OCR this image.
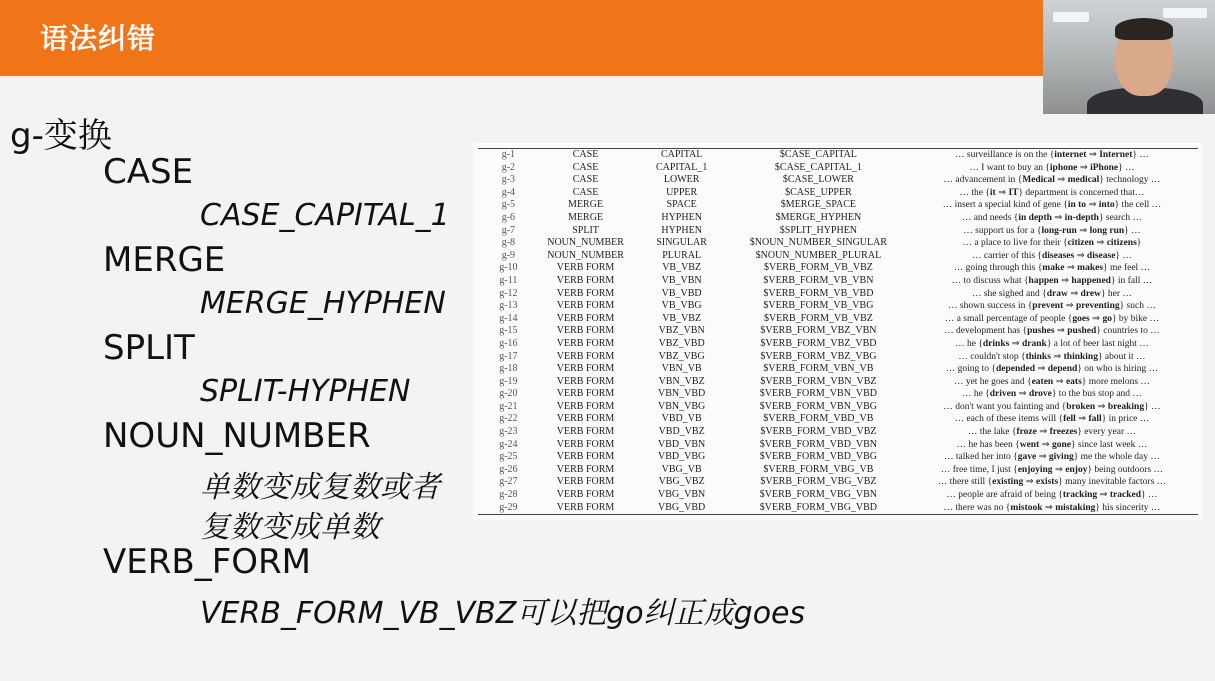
语法纠错
g-变换
CASE
CASE_CAPITAL_1
MERGE
MERGE_HYPHEN
SPLIT
SPLIT-HYPHEN
NOUN_NUMBER
单数变成复数或者
复数变成单数
VERB_FORM
VERB_FORM_VB_VBZ可以把go纠正成goes
g-1	CASE	CAPITAL	$CASE_CAPITAL	… surveillance is on the {internet ⇒ Internet} …
g-2	CASE	CAPITAL_1	$CASE_CAPITAL_1	… I want to buy an {iphone ⇒ iPhone} …
g-3	CASE	LOWER	$CASE_LOWER	… advancement in {Medical ⇒ medical} technology …
g-4	CASE	UPPER	$CASE_UPPER	… the {it ⇒ IT} department is concerned that…
g-5	MERGE	SPACE	$MERGE_SPACE	… insert a special kind of gene {in to ⇒ into} the cell …
g-6	MERGE	HYPHEN	$MERGE_HYPHEN	… and needs {in depth ⇒ in-depth} search …
g-7	SPLIT	HYPHEN	$SPLIT_HYPHEN	… support us for a {long-run ⇒ long run} …
g-8	NOUN_NUMBER	SINGULAR	$NOUN_NUMBER_SINGULAR	… a place to live for their {citizen ⇒ citizens}
g-9	NOUN_NUMBER	PLURAL	$NOUN_NUMBER_PLURAL	… carrier of this {diseases ⇒ disease} …
g-10	VERB FORM	VB_VBZ	$VERB_FORM_VB_VBZ	… going through this {make ⇒ makes} me feel …
g-11	VERB FORM	VB_VBN	$VERB_FORM_VB_VBN	… to discuss what {happen ⇒ happened} in fall …
g-12	VERB FORM	VB_VBD	$VERB_FORM_VB_VBD	… she sighed and {draw ⇒ drew} her …
g-13	VERB FORM	VB_VBG	$VERB_FORM_VB_VBG	… shown success in {prevent ⇒ preventing} such …
g-14	VERB FORM	VB_VBZ	$VERB_FORM_VB_VBZ	… a small percentage of people {goes ⇒ go} by bike …
g-15	VERB FORM	VBZ_VBN	$VERB_FORM_VBZ_VBN	… development has {pushes ⇒ pushed} countries to …
g-16	VERB FORM	VBZ_VBD	$VERB_FORM_VBZ_VBD	… he {drinks ⇒ drank} a lot of beer last night …
g-17	VERB FORM	VBZ_VBG	$VERB_FORM_VBZ_VBG	… couldn't stop {thinks ⇒ thinking} about it …
g-18	VERB FORM	VBN_VB	$VERB_FORM_VBN_VB	… going to {depended ⇒ depend} on who is hiring …
g-19	VERB FORM	VBN_VBZ	$VERB_FORM_VBN_VBZ	… yet he goes and {eaten ⇒ eats} more melons …
g-20	VERB FORM	VBN_VBD	$VERB_FORM_VBN_VBD	… he {driven ⇒ drove} to the bus stop and …
g-21	VERB FORM	VBN_VBG	$VERB_FORM_VBN_VBG	… don't want you fainting and {broken ⇒ breaking} …
g-22	VERB FORM	VBD_VB	$VERB_FORM_VBD_VB	… each of these items will {fell ⇒ fall} in price …
g-23	VERB FORM	VBD_VBZ	$VERB_FORM_VBD_VBZ	… the lake {froze ⇒ freezes} every year …
g-24	VERB FORM	VBD_VBN	$VERB_FORM_VBD_VBN	… he has been {went ⇒ gone} since last week …
g-25	VERB FORM	VBD_VBG	$VERB_FORM_VBD_VBG	… talked her into {gave ⇒ giving} me the whole day …
g-26	VERB FORM	VBG_VB	$VERB_FORM_VBG_VB	… free time, I just {enjoying ⇒ enjoy} being outdoors …
g-27	VERB FORM	VBG_VBZ	$VERB_FORM_VBG_VBZ	… there still {existing ⇒ exists} many inevitable factors …
g-28	VERB FORM	VBG_VBN	$VERB_FORM_VBG_VBN	… people are afraid of being {tracking ⇒ tracked} …
g-29	VERB FORM	VBG_VBD	$VERB_FORM_VBG_VBD	… there was no {mistook ⇒ mistaking} his sincerity …
